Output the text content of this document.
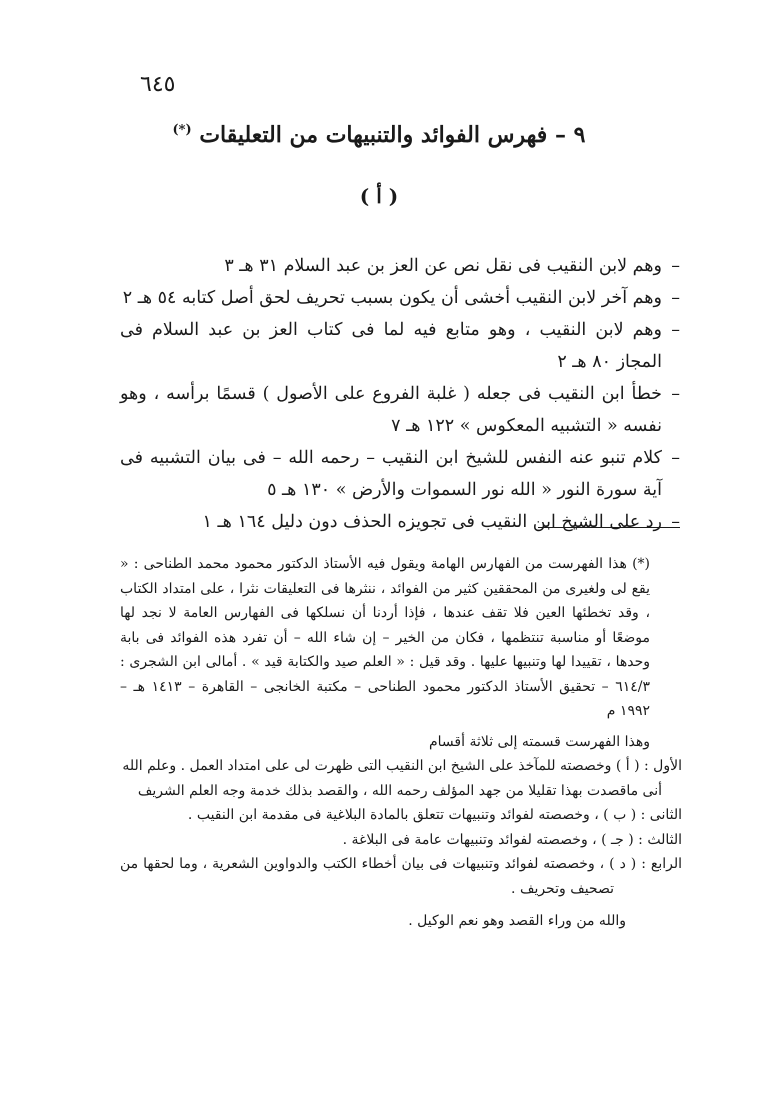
٦٤٥
٩ – فهرس الفوائد والتنبيهات من التعليقات (*)
( أ )
–
وهم لابن النقيب فى نقل نص عن العز بن عبد السلام ٣١ هـ ٣
–
وهم آخر لابن النقيب أخشى أن يكون بسبب تحريف لحق أصل كتابه ٥٤ هـ ٢
–
وهم لابن النقيب ، وهو متابع فيه لما فى كتاب العز بن عبد السلام فى المجاز ٨٠ هـ ٢
–
خطأ ابن النقيب فى جعله ( غلبة الفروع على الأصول ) قسمًا برأسه ، وهو نفسه « التشبيه المعكوس » ١٢٢ هـ ٧
–
كلام تنبو عنه النفس للشيخ ابن النقيب – رحمه الله – فى بيان التشبيه فى آية سورة النور « الله نور السموات والأرض » ١٣٠ هـ ٥
–
رد على الشيخ ابن النقيب فى تجويزه الحذف دون دليل ١٦٤ هـ ١

(*) هذا الفهرست من الفهارس الهامة ويقول فيه الأستاذ الدكتور محمود محمد الطناحى : « يقع لى ولغيرى من المحققين كثير من الفوائد ، ننثرها فى التعليقات نثرا ، على امتداد الكتاب ، وقد تخطئها العين فلا تقف عندها ، فإذا أردنا أن نسلكها فى الفهارس العامة لا نجد لها موضعًا أو مناسبة تنتظمها ، فكان من الخير – إن شاء الله – أن تفرد هذه الفوائد فى بابة وحدها ، تقييدا لها وتنبيها عليها . وقد قيل : « العلم صيد والكتابة قيد » . أمالى ابن الشجرى : ٦١٤/٣ – تحقيق الأستاذ الدكتور محمود الطناحى – مكتبة الخانجى – القاهرة – ١٤١٣ هـ – ١٩٩٢ م

وهذا الفهرست قسمته إلى ثلاثة أقسام

الأول : ( أ ) وخصصته للمآخذ على الشيخ ابن النقيب التى ظهرت لى على امتداد العمل . وعلم الله

أنى ماقصدت بهذا تقليلا من جهد المؤلف رحمه الله ، والقصد بذلك خدمة وجه العلم الشريف

الثانى : ( ب ) ، وخصصته لفوائد وتنبيهات تتعلق بالمادة البلاغية فى مقدمة ابن النقيب .

الثالث : ( جـ ) ، وخصصته لفوائد وتنبيهات عامة فى البلاغة .

الرابع : ( د ) ، وخصصته لفوائد وتنبيهات فى بيان أخطاء الكتب والدواوين الشعرية ، وما لحقها من تصحيف وتحريف .

والله من وراء القصد وهو نعم الوكيل .
